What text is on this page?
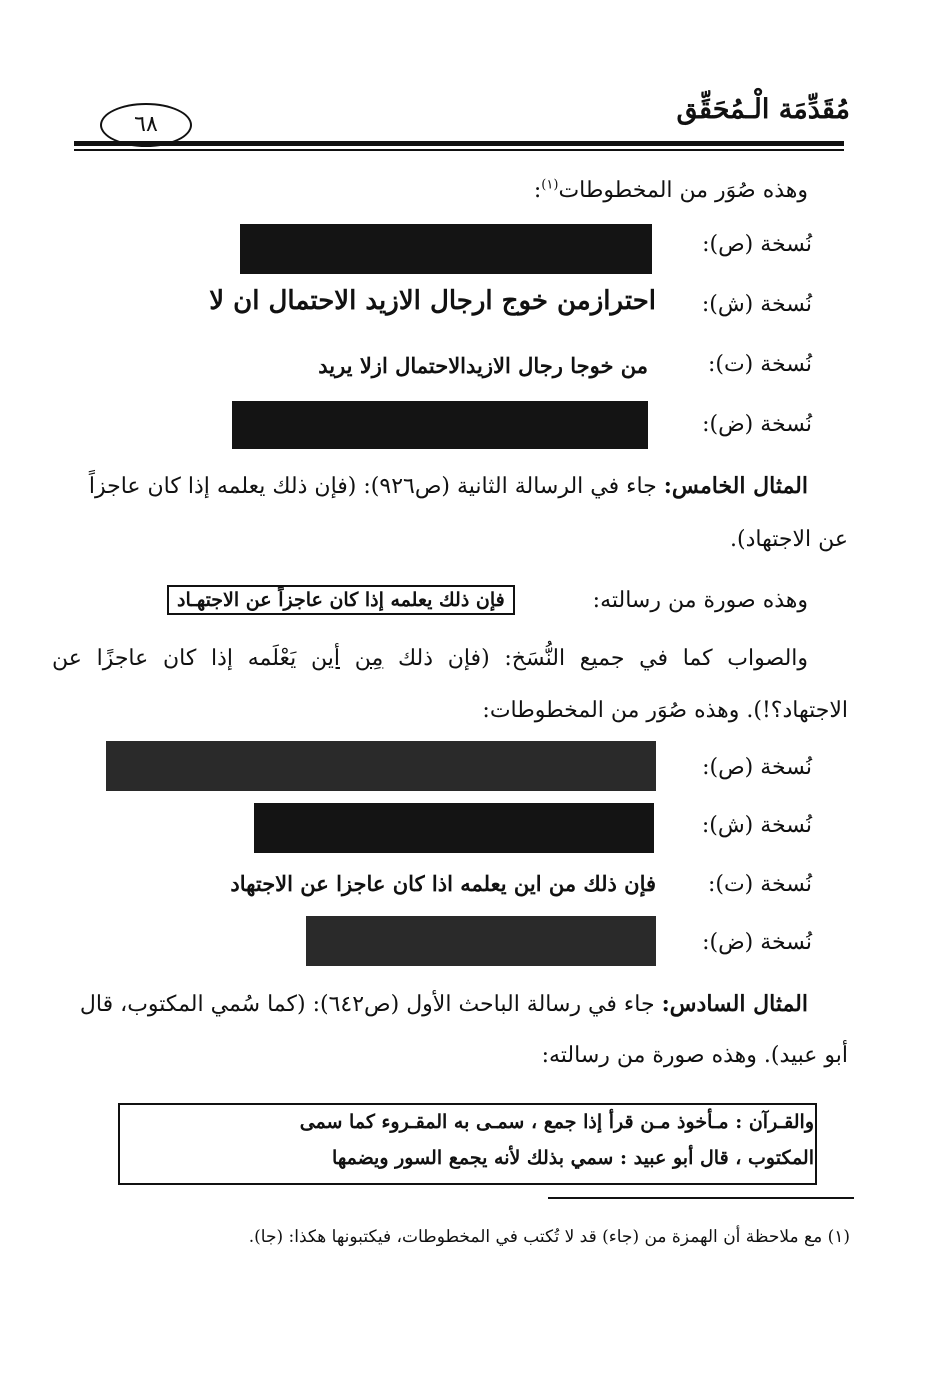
مُقَدِّمَة الْـمُحَقِّق
٦٨
وهذه صُوَر من المخطوطات$^{(١)}$:
نُسخة (ص):
نُسخة (ش):
احترازمن خوج ارجال الازيد الاحتمال ان لا
نُسخة (ت):
من خوجا رجال الازيدالاحتمال ازلا يريد
نُسخة (ض):
المثال الخامس: جاء في الرسالة الثانية (ص٩٢٦): (فإن ذلك يعلمه إذا كان عاجزاً
عن الاجتهاد).
وهذه صورة من رسالته:
فإن ذلك يعلمه إذا كان عاجزاً عن الاجتهـاد
والصواب كما في جميع النُّسَخ: (فإن ذلك مِن أين يَعْلَمه إذا كان عاجزًا عن
الاجتهاد؟!). وهذه صُوَر من المخطوطات:
نُسخة (ص):
نُسخة (ش):
نُسخة (ت):
فإن ذلك من اين يعلمه اذا كان عاجزا عن الاجتهاد
نُسخة (ض):
المثال السادس: جاء في رسالة الباحث الأول (ص٦٤٢): (كما سُمي المكتوب، قال
أبو عبيد). وهذه صورة من رسالته:
والقـرآن : مـأخوذ مـن قرأ إذا جمع ، سمـى به المقـروء كما سمى
المكتوب ، قال أبو عبيد : سمي بذلك لأنه يجمع السور ويضمها
(١) مع ملاحظة أن الهمزة من (جاء) قد لا تُكتب في المخطوطات، فيكتبونها هكذا: (جا).
